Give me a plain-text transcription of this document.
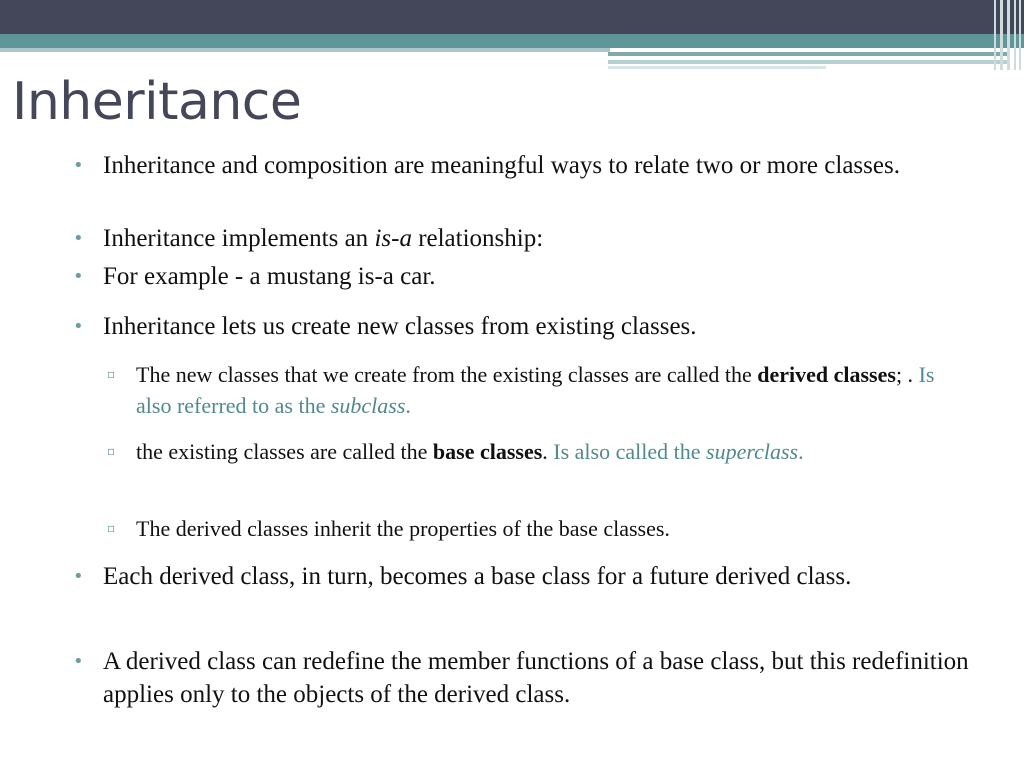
Inheritance
• Inheritance and composition are meaningful ways to relate two or more classes.
• Inheritance implements an is-a relationship:
• For example - a mustang is-a car.
• Inheritance lets us create new classes from existing classes.
▫ The new classes that we create from the existing classes are called the derived classes; . Is also referred to as the subclass.
▫ the existing classes are called the base classes. Is also called the superclass.
▫ The derived classes inherit the properties of the base classes.
• Each derived class, in turn, becomes a base class for a future derived class.
• A derived class can redefine the member functions of a base class, but this redefinition applies only to the objects of the derived class.
